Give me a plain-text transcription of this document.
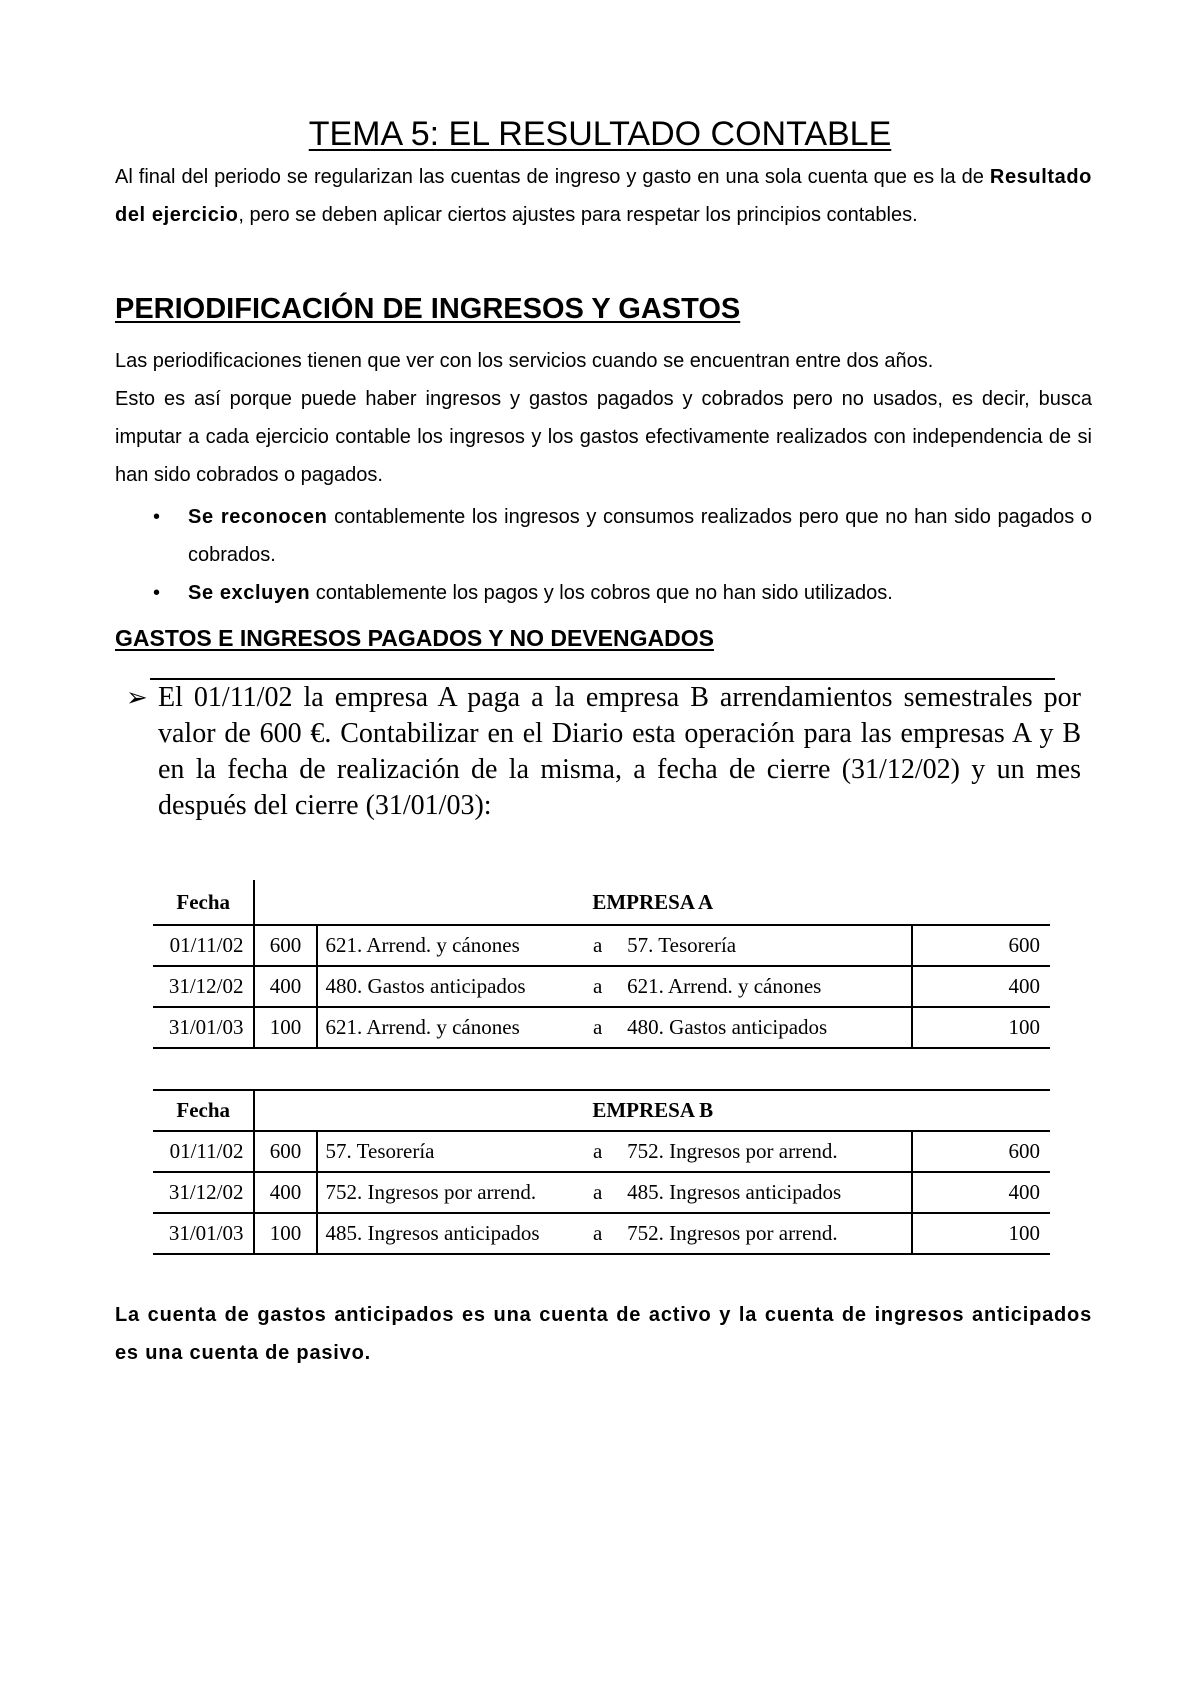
TEMA 5: EL RESULTADO CONTABLE
Al final del periodo se regularizan las cuentas de ingreso y gasto en una sola cuenta que es la de Resultado del ejercicio, pero se deben aplicar ciertos ajustes para respetar los principios contables.
PERIODIFICACIÓN DE INGRESOS Y GASTOS
Las periodificaciones tienen que ver con los servicios cuando se encuentran entre dos años.
Esto es así porque puede haber ingresos y gastos pagados y cobrados pero no usados, es decir, busca imputar a cada ejercicio contable los ingresos y los gastos efectivamente realizados con independencia de si han sido cobrados o pagados.
• Se reconocen contablemente los ingresos y consumos realizados pero que no han sido pagados o cobrados.
• Se excluyen contablemente los pagos y los cobros que no han sido utilizados.
GASTOS E INGRESOS PAGADOS Y NO DEVENGADOS
➢ El 01/11/02 la empresa A paga a la empresa B arrendamientos semestrales por valor de 600 €. Contabilizar en el Diario esta operación para las empresas A y B en la fecha de realización de la misma, a fecha de cierre (31/12/02) y un mes después del cierre (31/01/03):
Fecha	EMPRESA A				
01/11/02	600	621. Arrend. y cánones	a	57. Tesorería	600
31/12/02	400	480. Gastos anticipados	a	621. Arrend. y cánones	400
31/01/03	100	621. Arrend. y cánones	a	480. Gastos anticipados	100
Fecha	EMPRESA B				
01/11/02	600	57. Tesorería	a	752. Ingresos por arrend.	600
31/12/02	400	752. Ingresos por arrend.	a	485. Ingresos anticipados	400
31/01/03	100	485. Ingresos anticipados	a	752. Ingresos por arrend.	100
La cuenta de gastos anticipados es una cuenta de activo y la cuenta de ingresos anticipados es una cuenta de pasivo.
